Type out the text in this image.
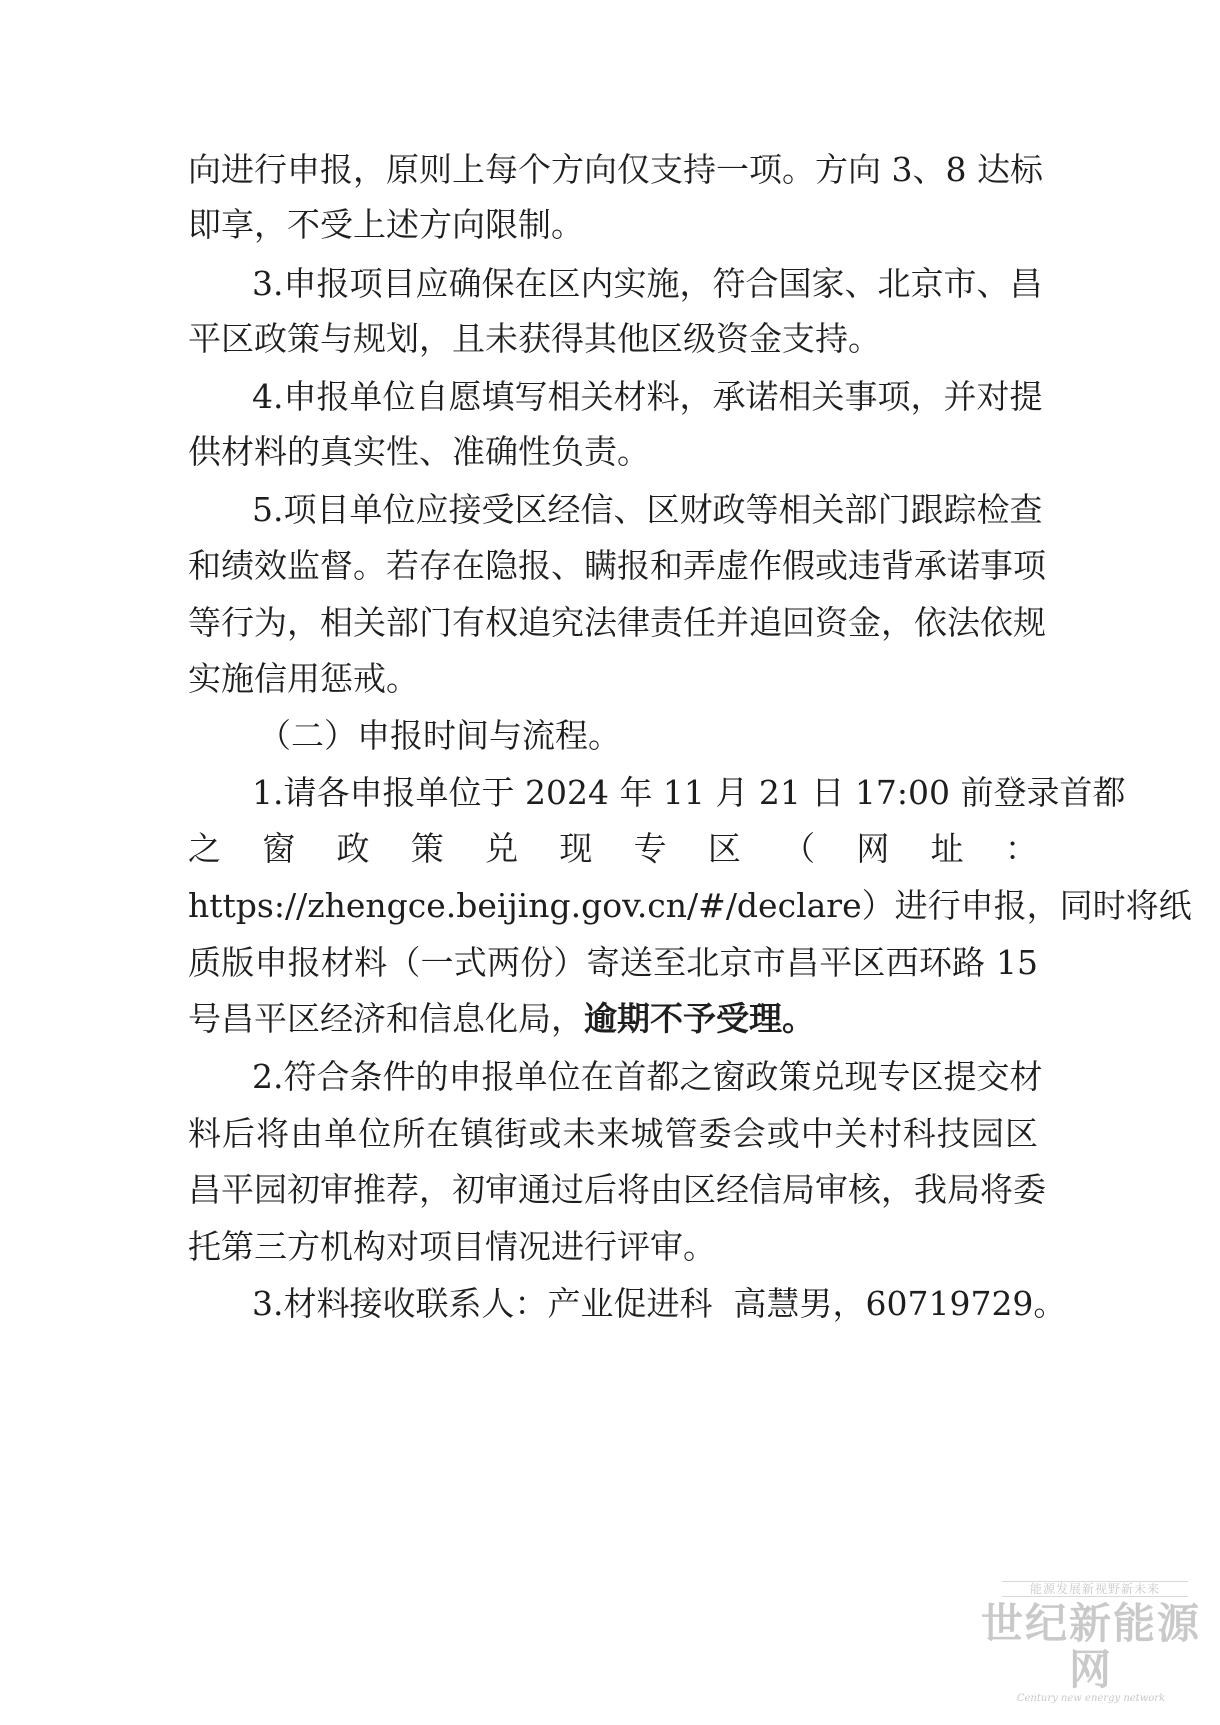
向进行申报，原则上每个方向仅支持一项。方向 3、8 达标
即享，不受上述方向限制。
3.申报项目应确保在区内实施，符合国家、北京市、昌
平区政策与规划，且未获得其他区级资金支持。
4.申报单位自愿填写相关材料，承诺相关事项，并对提
供材料的真实性、准确性负责。
5.项目单位应接受区经信、区财政等相关部门跟踪检查
和绩效监督。若存在隐报、瞒报和弄虚作假或违背承诺事项
等行为，相关部门有权追究法律责任并追回资金，依法依规
实施信用惩戒。
（二）申报时间与流程。
1.请各申报单位于 2024 年 11 月 21 日 17:00 前登录首都
之 窗 政 策 兑 现 专 区 （ 网 址 ：
https://zhengce.beijing.gov.cn/#/declare）进行申报，同时将纸
质版申报材料（一式两份）寄送至北京市昌平区西环路 15
号昌平区经济和信息化局，逾期不予受理。
2.符合条件的申报单位在首都之窗政策兑现专区提交材
料后将由单位所在镇街或未来城管委会或中关村科技园区
昌平园初审推荐，初审通过后将由区经信局审核，我局将委
托第三方机构对项目情况进行评审。
3.材料接收联系人：产业促进科  高慧男，60719729。
能源发展新视野新未来
世纪新能源网
Century new energy network
